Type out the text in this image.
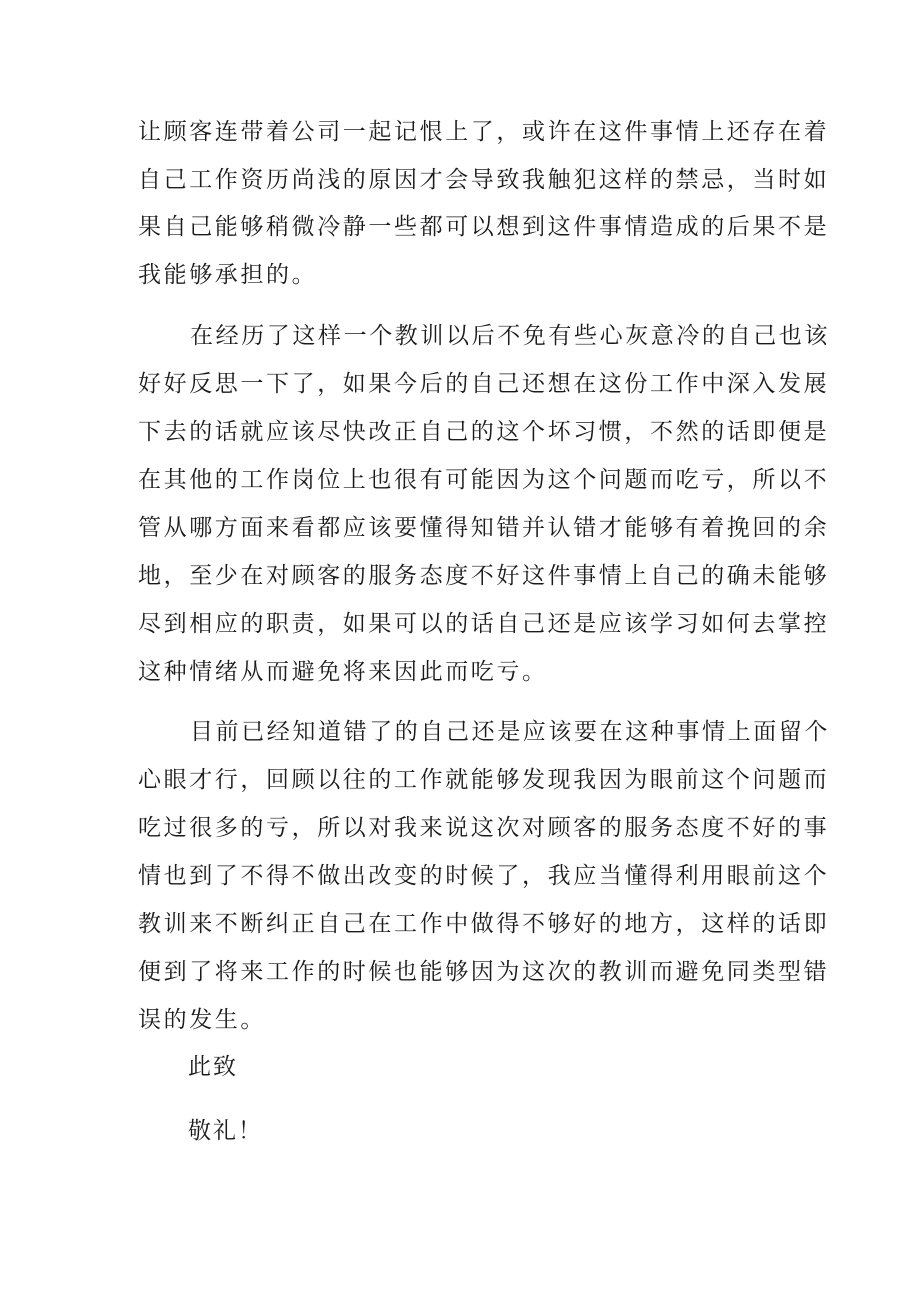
让顾客连带着公司一起记恨上了，或许在这件事情上还存在着
自己工作资历尚浅的原因才会导致我触犯这样的禁忌，当时如
果自己能够稍微冷静一些都可以想到这件事情造成的后果不是
我能够承担的。
在经历了这样一个教训以后不免有些心灰意冷的自己也该
好好反思一下了，如果今后的自己还想在这份工作中深入发展
下去的话就应该尽快改正自己的这个坏习惯，不然的话即便是
在其他的工作岗位上也很有可能因为这个问题而吃亏，所以不
管从哪方面来看都应该要懂得知错并认错才能够有着挽回的余
地，至少在对顾客的服务态度不好这件事情上自己的确未能够
尽到相应的职责，如果可以的话自己还是应该学习如何去掌控
这种情绪从而避免将来因此而吃亏。
目前已经知道错了的自己还是应该要在这种事情上面留个
心眼才行，回顾以往的工作就能够发现我因为眼前这个问题而
吃过很多的亏，所以对我来说这次对顾客的服务态度不好的事
情也到了不得不做出改变的时候了，我应当懂得利用眼前这个
教训来不断纠正自己在工作中做得不够好的地方，这样的话即
便到了将来工作的时候也能够因为这次的教训而避免同类型错
误的发生。
此致
敬礼！
